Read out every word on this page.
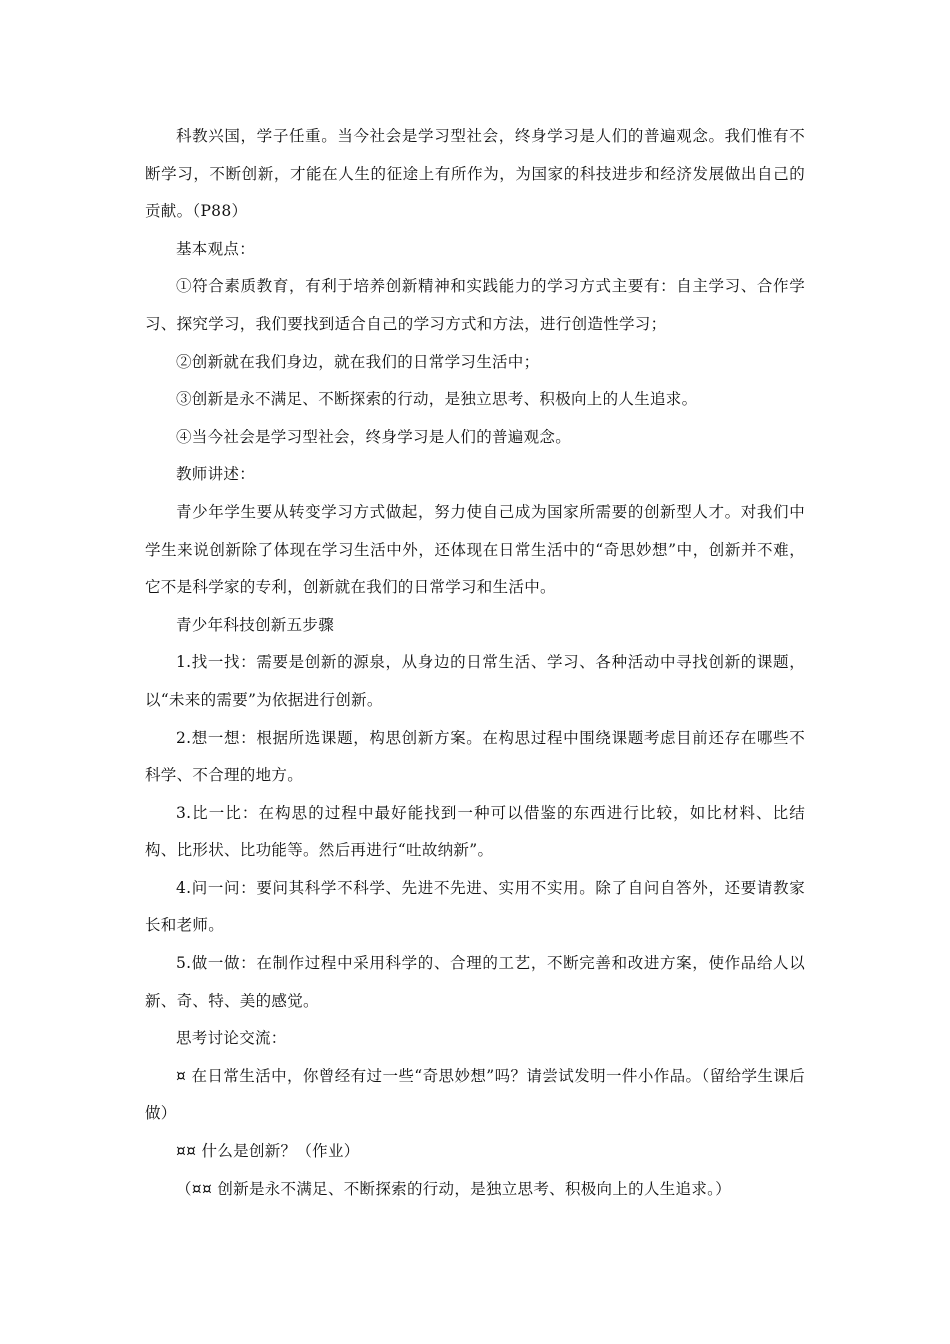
科教兴国，学子任重。当今社会是学习型社会，终身学习是人们的普遍观念。我们惟有不断学习，不断创新，才能在人生的征途上有所作为，为国家的科技进步和经济发展做出自己的贡献。（P88）

基本观点：

①符合素质教育，有利于培养创新精神和实践能力的学习方式主要有：自主学习、合作学习、探究学习，我们要找到适合自己的学习方式和方法，进行创造性学习；

②创新就在我们身边，就在我们的日常学习生活中；

③创新是永不满足、不断探索的行动，是独立思考、积极向上的人生追求。

④当今社会是学习型社会，终身学习是人们的普遍观念。

教师讲述：

青少年学生要从转变学习方式做起，努力使自己成为国家所需要的创新型人才。对我们中学生来说创新除了体现在学习生活中外，还体现在日常生活中的“奇思妙想”中，创新并不难，它不是科学家的专利，创新就在我们的日常学习和生活中。

青少年科技创新五步骤

1.找一找：需要是创新的源泉，从身边的日常生活、学习、各种活动中寻找创新的课题，以“未来的需要”为依据进行创新。

2.想一想：根据所选课题，构思创新方案。在构思过程中围绕课题考虑目前还存在哪些不科学、不合理的地方。

3.比一比：在构思的过程中最好能找到一种可以借鉴的东西进行比较，如比材料、比结构、比形状、比功能等。然后再进行“吐故纳新”。

4.问一问：要问其科学不科学、先进不先进、实用不实用。除了自问自答外，还要请教家长和老师。

5.做一做：在制作过程中采用科学的、合理的工艺，不断完善和改进方案，使作品给人以新、奇、特、美的感觉。

思考讨论交流：

¤ 在日常生活中，你曾经有过一些“奇思妙想”吗？请尝试发明一件小作品。（留给学生课后做）

¤¤ 什么是创新？（作业）

（¤¤ 创新是永不满足、不断探索的行动，是独立思考、积极向上的人生追求。）
